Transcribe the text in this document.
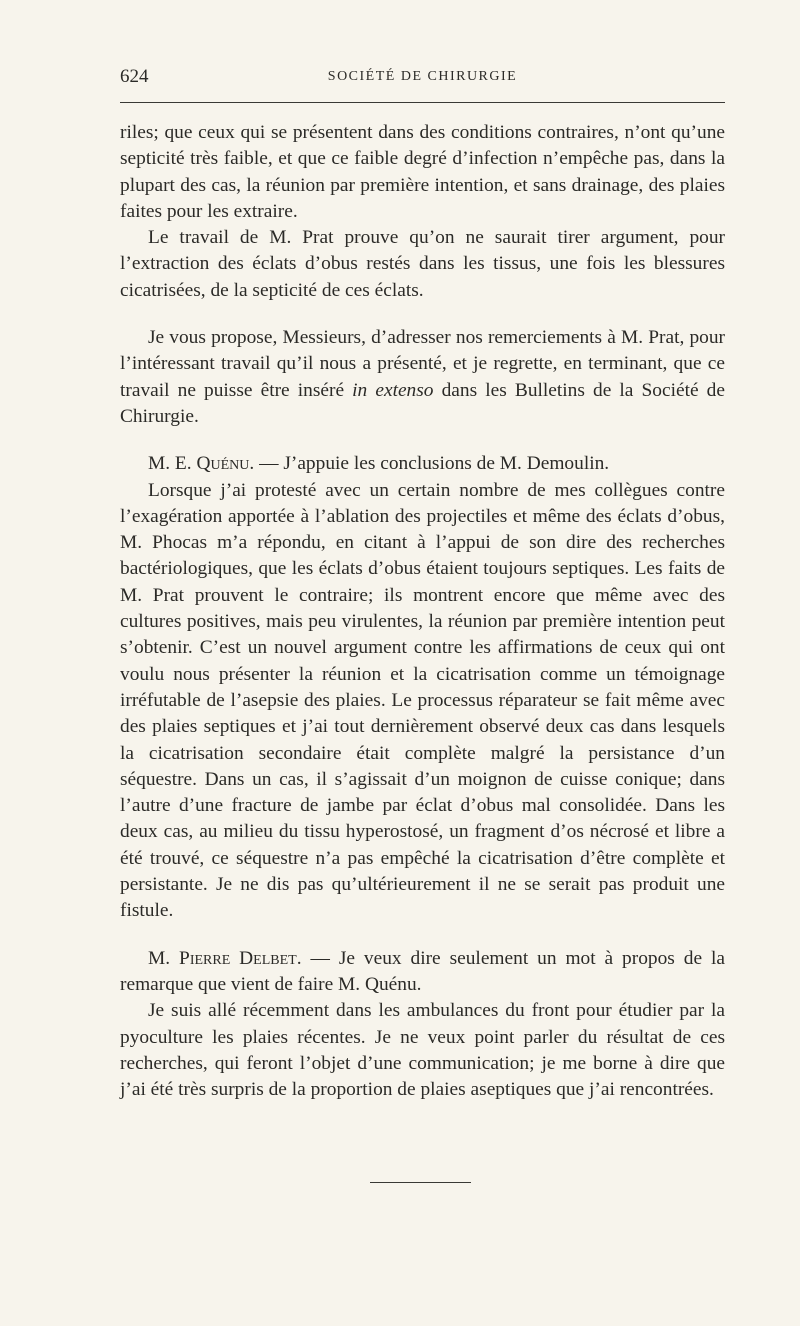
624	SOCIÉTÉ DE CHIRURGIE

riles; que ceux qui se présentent dans des conditions contraires, n’ont qu’une septicité très faible, et que ce faible degré d’infection n’empêche pas, dans la plupart des cas, la réunion par première intention, et sans drainage, des plaies faites pour les extraire.

Le travail de M. Prat prouve qu’on ne saurait tirer argument, pour l’extraction des éclats d’obus restés dans les tissus, une fois les blessures cicatrisées, de la septicité de ces éclats.

Je vous propose, Messieurs, d’adresser nos remerciements à M. Prat, pour l’intéressant travail qu’il nous a présenté, et je regrette, en terminant, que ce travail ne puisse être inséré in extenso dans les Bulletins de la Société de Chirurgie.

M. E. Quénu. — J’appuie les conclusions de M. Demoulin.

Lorsque j’ai protesté avec un certain nombre de mes collègues contre l’exagération apportée à l’ablation des projectiles et même des éclats d’obus, M. Phocas m’a répondu, en citant à l’appui de son dire des recherches bactériologiques, que les éclats d’obus étaient toujours septiques. Les faits de M. Prat prouvent le contraire; ils montrent encore que même avec des cultures positives, mais peu virulentes, la réunion par première intention peut s’obtenir. C’est un nouvel argument contre les affirmations de ceux qui ont voulu nous présenter la réunion et la cicatrisation comme un témoignage irréfutable de l’asepsie des plaies. Le processus réparateur se fait même avec des plaies septiques et j’ai tout dernièrement observé deux cas dans lesquels la cicatrisation secondaire était complète malgré la persistance d’un séquestre. Dans un cas, il s’agissait d’un moignon de cuisse conique; dans l’autre d’une fracture de jambe par éclat d’obus mal consolidée. Dans les deux cas, au milieu du tissu hyperostosé, un fragment d’os nécrosé et libre a été trouvé, ce séquestre n’a pas empêché la cicatrisation d’être complète et persistante. Je ne dis pas qu’ultérieurement il ne se serait pas produit une fistule.

M. Pierre Delbet. — Je veux dire seulement un mot à propos de la remarque que vient de faire M. Quénu.

Je suis allé récemment dans les ambulances du front pour étudier par la pyoculture les plaies récentes. Je ne veux point parler du résultat de ces recherches, qui feront l’objet d’une communication; je me borne à dire que j’ai été très surpris de la proportion de plaies aseptiques que j’ai rencontrées.
